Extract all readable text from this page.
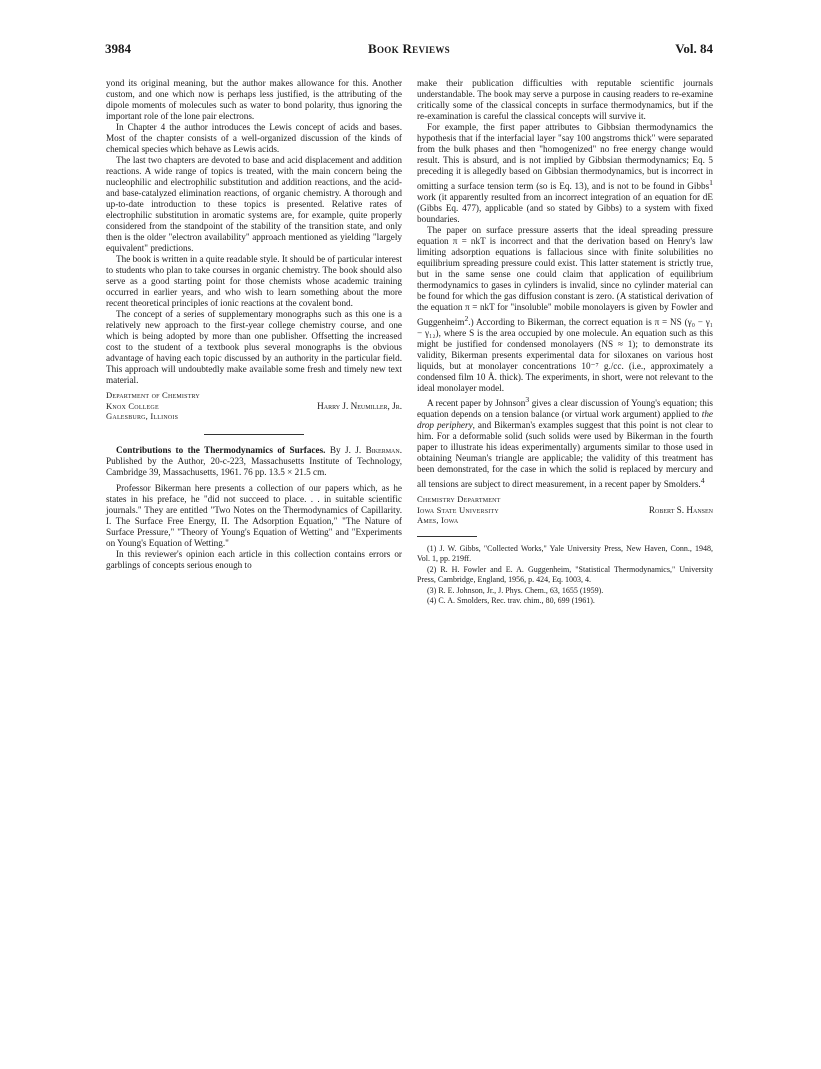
3984	Book Reviews	Vol. 84

yond its original meaning, but the author makes allowance for this. Another custom, and one which now is perhaps less justified, is the attributing of the dipole moments of molecules such as water to bond polarity, thus ignoring the important role of the lone pair electrons.

In Chapter 4 the author introduces the Lewis concept of acids and bases. Most of the chapter consists of a well-organized discussion of the kinds of chemical species which behave as Lewis acids.

The last two chapters are devoted to base and acid displacement and addition reactions. A wide range of topics is treated, with the main concern being the nucleophilic and electrophilic substitution and addition reactions, and the acid- and base-catalyzed elimination reactions, of organic chemistry. A thorough and up-to-date introduction to these topics is presented. Relative rates of electrophilic substitution in aromatic systems are, for example, quite properly considered from the standpoint of the stability of the transition state, and only then is the older "electron availability" approach mentioned as yielding "largely equivalent" predictions.

The book is written in a quite readable style. It should be of particular interest to students who plan to take courses in organic chemistry. The book should also serve as a good starting point for those chemists whose academic training occurred in earlier years, and who wish to learn something about the more recent theoretical principles of ionic reactions at the covalent bond.

The concept of a series of supplementary monographs such as this one is a relatively new approach to the first-year college chemistry course, and one which is being adopted by more than one publisher. Offsetting the increased cost to the student of a textbook plus several monographs is the obvious advantage of having each topic discussed by an authority in the particular field. This approach will undoubtedly make available some fresh and timely new text material.

Department of Chemistry
Knox College	Harry J. Neumiller, Jr.
Galesburg, Illinois

Contributions to the Thermodynamics of Surfaces. By J. J. Bikerman. Published by the Author, 20-c-223, Massachusetts Institute of Technology, Cambridge 39, Massachusetts, 1961. 76 pp. 13.5 × 21.5 cm.

Professor Bikerman here presents a collection of our papers which, as he states in his preface, he "did not succeed to place. . . in suitable scientific journals." They are entitled "Two Notes on the Thermodynamics of Capillarity. I. The Surface Free Energy, II. The Adsorption Equation," "The Nature of Surface Pressure," "Theory of Young's Equation of Wetting" and "Experiments on Young's Equation of Wetting."

In this reviewer's opinion each article in this collection contains errors or garblings of concepts serious enough to

make their publication difficulties with reputable scientific journals understandable. The book may serve a purpose in causing readers to re-examine critically some of the classical concepts in surface thermodynamics, but if the re-examination is careful the classical concepts will survive it.

For example, the first paper attributes to Gibbsian thermodynamics the hypothesis that if the interfacial layer "say 100 angstroms thick" were separated from the bulk phases and then "homogenized" no free energy change would result. This is absurd, and is not implied by Gibbsian thermodynamics; Eq. 5 preceding it is allegedly based on Gibbsian thermodynamics, but is incorrect in omitting a surface tension term (so is Eq. 13), and is not to be found in Gibbs$^1$ work (it apparently resulted from an incorrect integration of an equation for dE (Gibbs Eq. 477), applicable (and so stated by Gibbs) to a system with fixed boundaries.

The paper on surface pressure asserts that the ideal spreading pressure equation π = nkT is incorrect and that the derivation based on Henry's law limiting adsorption equations is fallacious since with finite solubilities no equilibrium spreading pressure could exist. This latter statement is strictly true, but in the same sense one could claim that application of equilibrium thermodynamics to gases in cylinders is invalid, since no cylinder material can be found for which the gas diffusion constant is zero. (A statistical derivation of the equation π = nkT for "insoluble" mobile monolayers is given by Fowler and Guggenheim$^2$.) According to Bikerman, the correct equation is π = NS (γ₀ − γ₁ − γ₁₂), where S is the area occupied by one molecule. An equation such as this might be justified for condensed monolayers (NS ≈ 1); to demonstrate its validity, Bikerman presents experimental data for siloxanes on various host liquids, but at monolayer concentrations 10⁻⁷ g./cc. (i.e., approximately a condensed film 10 Å. thick). The experiments, in short, were not relevant to the ideal monolayer model.

A recent paper by Johnson$^3$ gives a clear discussion of Young's equation; this equation depends on a tension balance (or virtual work argument) applied to the drop periphery, and Bikerman's examples suggest that this point is not clear to him. For a deformable solid (such solids were used by Bikerman in the fourth paper to illustrate his ideas experimentally) arguments similar to those used in obtaining Neuman's triangle are applicable; the validity of this treatment has been demonstrated, for the case in which the solid is replaced by mercury and all tensions are subject to direct measurement, in a recent paper by Smolders.$^4$

Chemistry Department
Iowa State University	Robert S. Hansen
Ames, Iowa

(1) J. W. Gibbs, "Collected Works," Yale University Press, New Haven, Conn., 1948, Vol. 1, pp. 219ff.

(2) R. H. Fowler and E. A. Guggenheim, "Statistical Thermodynamics," University Press, Cambridge, England, 1956, p. 424, Eq. 1003, 4.

(3) R. E. Johnson, Jr., J. Phys. Chem., 63, 1655 (1959).

(4) C. A. Smolders, Rec. trav. chim., 80, 699 (1961).
